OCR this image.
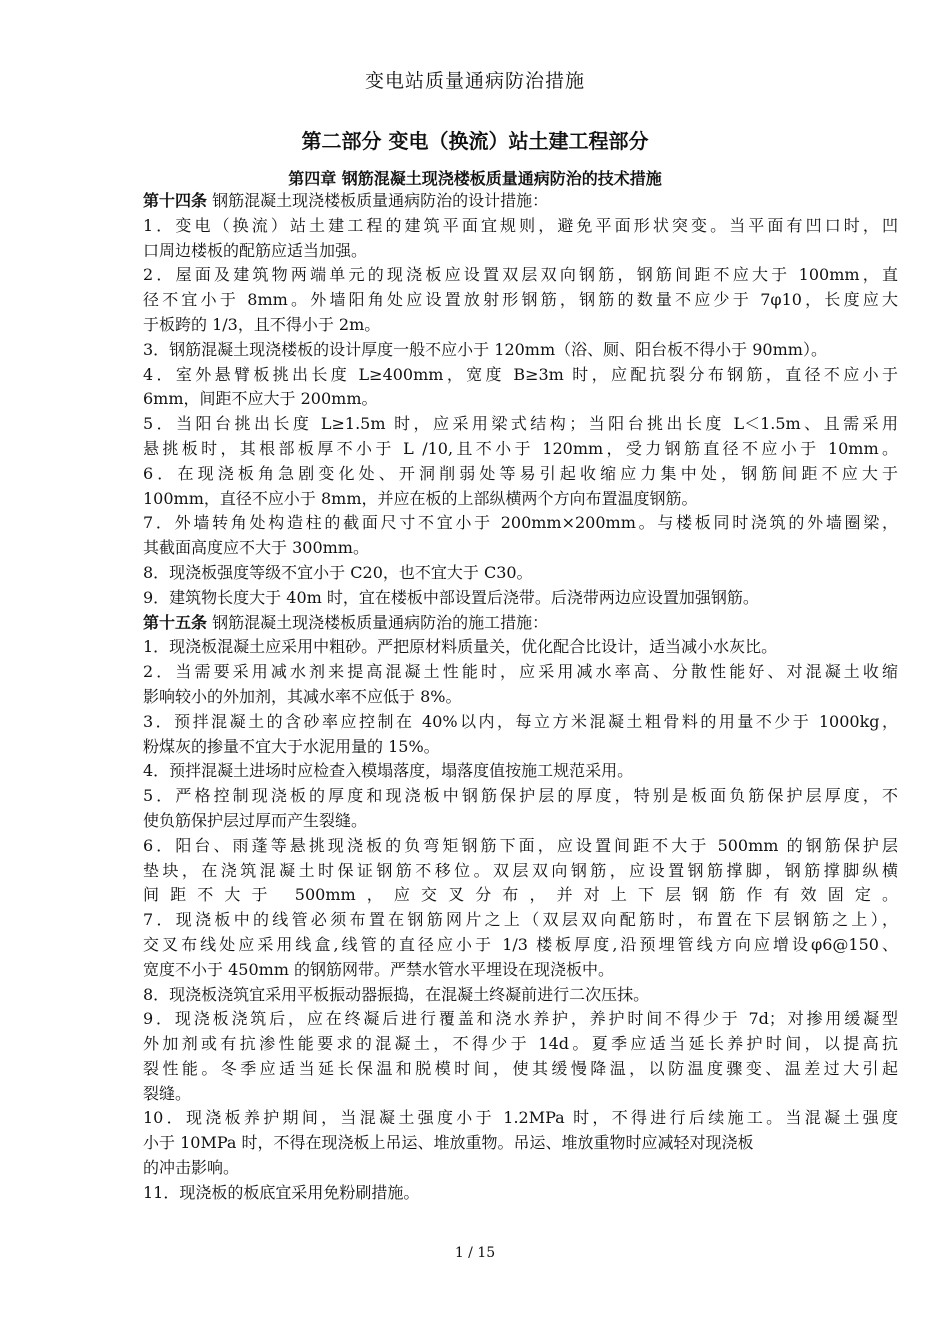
变电站质量通病防治措施
第二部分 变电（换流）站土建工程部分
第四章 钢筋混凝土现浇楼板质量通病防治的技术措施
第十四条 钢筋混凝土现浇楼板质量通病防治的设计措施：
1．变电（换流）站土建工程的建筑平面宜规则，避免平面形状突变。当平面有凹口时，凹
口周边楼板的配筋应适当加强。
2．屋面及建筑物两端单元的现浇板应设置双层双向钢筋，钢筋间距不应大于 100mm，直
径不宜小于 8mm。外墙阳角处应设置放射形钢筋，钢筋的数量不应少于 7φ10，长度应大
于板跨的 1/3，且不得小于 2m。
3．钢筋混凝土现浇楼板的设计厚度一般不应小于 120mm（浴、厕、阳台板不得小于 90mm）。
4．室外悬臂板挑出长度 L≥400mm，宽度 B≥3m 时，应配抗裂分布钢筋，直径不应小于
6mm，间距不应大于 200mm。
5．当阳台挑出长度 L≥1.5m 时，应采用梁式结构；当阳台挑出长度 L＜1.5m、且需采用
悬挑板时，其根部板厚不小于 L /10,且不小于 120mm，受力钢筋直径不应小于 10mm。
6．在现浇板角急剧变化处、开洞削弱处等易引起收缩应力集中处，钢筋间距不应大于
100mm，直径不应小于 8mm，并应在板的上部纵横两个方向布置温度钢筋。
7．外墙转角处构造柱的截面尺寸不宜小于 200mm×200mm。与楼板同时浇筑的外墙圈梁，
其截面高度应不大于 300mm。
8．现浇板强度等级不宜小于 C20，也不宜大于 C30。
9．建筑物长度大于 40m 时，宜在楼板中部设置后浇带。后浇带两边应设置加强钢筋。
第十五条 钢筋混凝土现浇楼板质量通病防治的施工措施：
1．现浇板混凝土应采用中粗砂。严把原材料质量关，优化配合比设计，适当减小水灰比。
2．当需要采用减水剂来提高混凝土性能时，应采用减水率高、分散性能好、对混凝土收缩
影响较小的外加剂，其减水率不应低于 8%。
3．预拌混凝土的含砂率应控制在 40%以内，每立方米混凝土粗骨料的用量不少于 1000kg，
粉煤灰的掺量不宜大于水泥用量的 15%。
4．预拌混凝土进场时应检查入模塌落度，塌落度值按施工规范采用。
5．严格控制现浇板的厚度和现浇板中钢筋保护层的厚度，特别是板面负筋保护层厚度，不
使负筋保护层过厚而产生裂缝。
6．阳台、雨蓬等悬挑现浇板的负弯矩钢筋下面，应设置间距不大于 500mm 的钢筋保护层
垫块，在浇筑混凝土时保证钢筋不移位。双层双向钢筋，应设置钢筋撑脚，钢筋撑脚纵横
间距不大于 500mm，应交叉分布，并对上下层钢筋作有效固定。
7．现浇板中的线管必须布置在钢筋网片之上（双层双向配筋时，布置在下层钢筋之上），
交叉布线处应采用线盒,线管的直径应小于 1/3 楼板厚度,沿预埋管线方向应增设φ6@150、
宽度不小于 450mm 的钢筋网带。严禁水管水平埋设在现浇板中。
8．现浇板浇筑宜采用平板振动器振捣，在混凝土终凝前进行二次压抹。
9．现浇板浇筑后，应在终凝后进行覆盖和浇水养护，养护时间不得少于 7d；对掺用缓凝型
外加剂或有抗渗性能要求的混凝土，不得少于 14d。夏季应适当延长养护时间，以提高抗
裂性能。冬季应适当延长保温和脱模时间，使其缓慢降温，以防温度骤变、温差过大引起
裂缝。
10．现浇板养护期间，当混凝土强度小于 1.2MPa 时，不得进行后续施工。当混凝土强度
小于 10MPa 时，不得在现浇板上吊运、堆放重物。吊运、堆放重物时应减轻对现浇板
的冲击影响。
11．现浇板的板底宜采用免粉刷措施。
1 / 15
